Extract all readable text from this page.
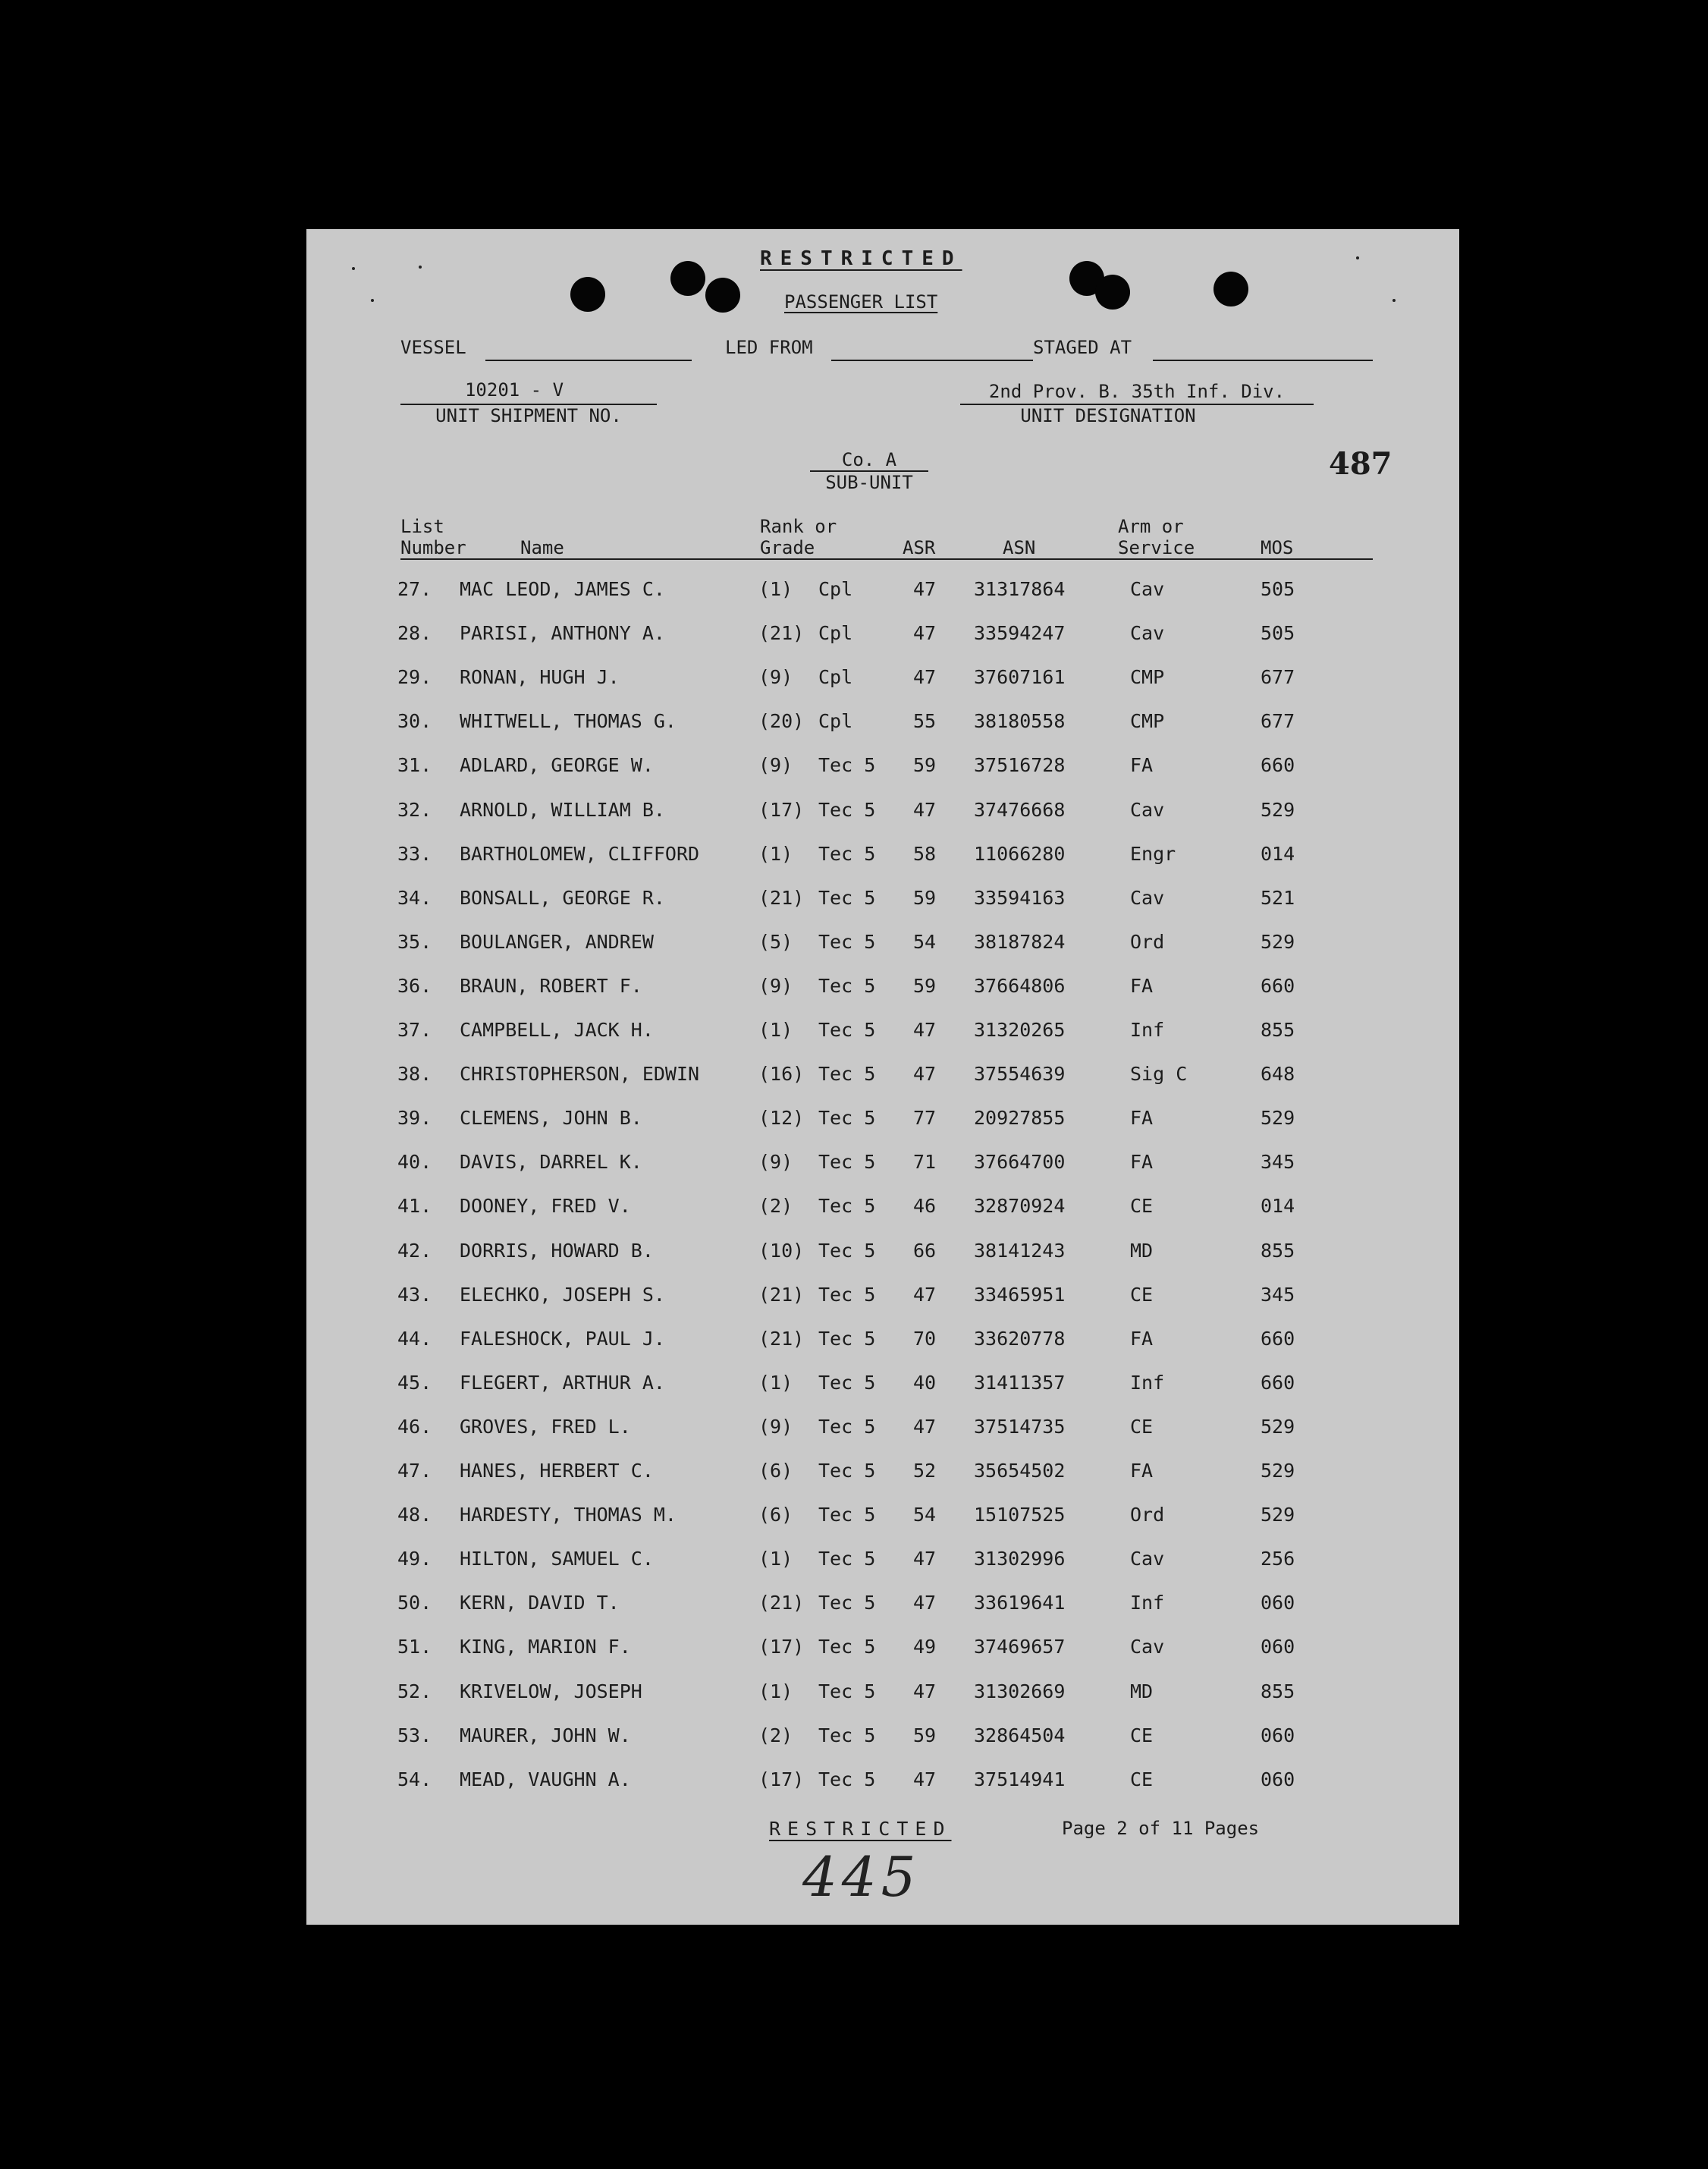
RESTRICTED
PASSENGER LIST
VESSEL	LED FROM	STAGED AT
10201 - V
UNIT SHIPMENT NO.
2nd Prov. B. 35th Inf. Div.
UNIT DESIGNATION
Co. A
SUB-UNIT
487
List
Number	Name
Rank or
Grade	ASR	ASN
Arm or
Service	MOS
27. MAC LEOD, JAMES C.	(1) Cpl	47 31317864	Cav	505
28. PARISI, ANTHONY A.	(21) Cpl	47 33594247	Cav	505
29. RONAN, HUGH J.	(9) Cpl	47 37607161	CMP	677
30. WHITWELL, THOMAS G.	(20) Cpl	55 38180558	CMP	677
31. ADLARD, GEORGE W.	(9) Tec 5 59 37516728	FA	660
32. ARNOLD, WILLIAM B.	(17) Tec 5 47 37476668	Cav	529
33. BARTHOLOMEW, CLIFFORD	(1) Tec 5 58 11066280	Engr	014
34. BONSALL, GEORGE R.	(21) Tec 5 59 33594163	Cav	521
35. BOULANGER, ANDREW	(5) Tec 5 54 38187824	Ord	529
36. BRAUN, ROBERT F.	(9) Tec 5 59 37664806	FA	660
37. CAMPBELL, JACK H.	(1) Tec 5 47 31320265	Inf	855
38. CHRISTOPHERSON, EDWIN	(16) Tec 5 47 37554639	Sig C	648
39. CLEMENS, JOHN B.	(12) Tec 5 77 20927855	FA	529
40. DAVIS, DARREL K.	(9) Tec 5 71 37664700	FA	345
41. DOONEY, FRED V.	(2) Tec 5 46 32870924	CE	014
42. DORRIS, HOWARD B.	(10) Tec 5 66 38141243	MD	855
43. ELECHKO, JOSEPH S.	(21) Tec 5 47 33465951	CE	345
44. FALESHOCK, PAUL J.	(21) Tec 5 70 33620778	FA	660
45. FLEGERT, ARTHUR A.	(1) Tec 5 40 31411357	Inf	660
46. GROVES, FRED L.	(9) Tec 5 47 37514735	CE	529
47. HANES, HERBERT C.	(6) Tec 5 52 35654502	FA	529
48. HARDESTY, THOMAS M.	(6) Tec 5 54 15107525	Ord	529
49. HILTON, SAMUEL C.	(1) Tec 5 47 31302996	Cav	256
50. KERN, DAVID T.	(21) Tec 5 47 33619641	Inf	060
51. KING, MARION F.	(17) Tec 5 49 37469657	Cav	060
52. KRIVELOW, JOSEPH	(1) Tec 5 47 31302669	MD	855
53. MAURER, JOHN W.	(2) Tec 5 59 32864504	CE	060
54. MEAD, VAUGHN A.	(17) Tec 5 47 37514941	CE	060
RESTRICTED	Page 2 of 11 Pages
445
